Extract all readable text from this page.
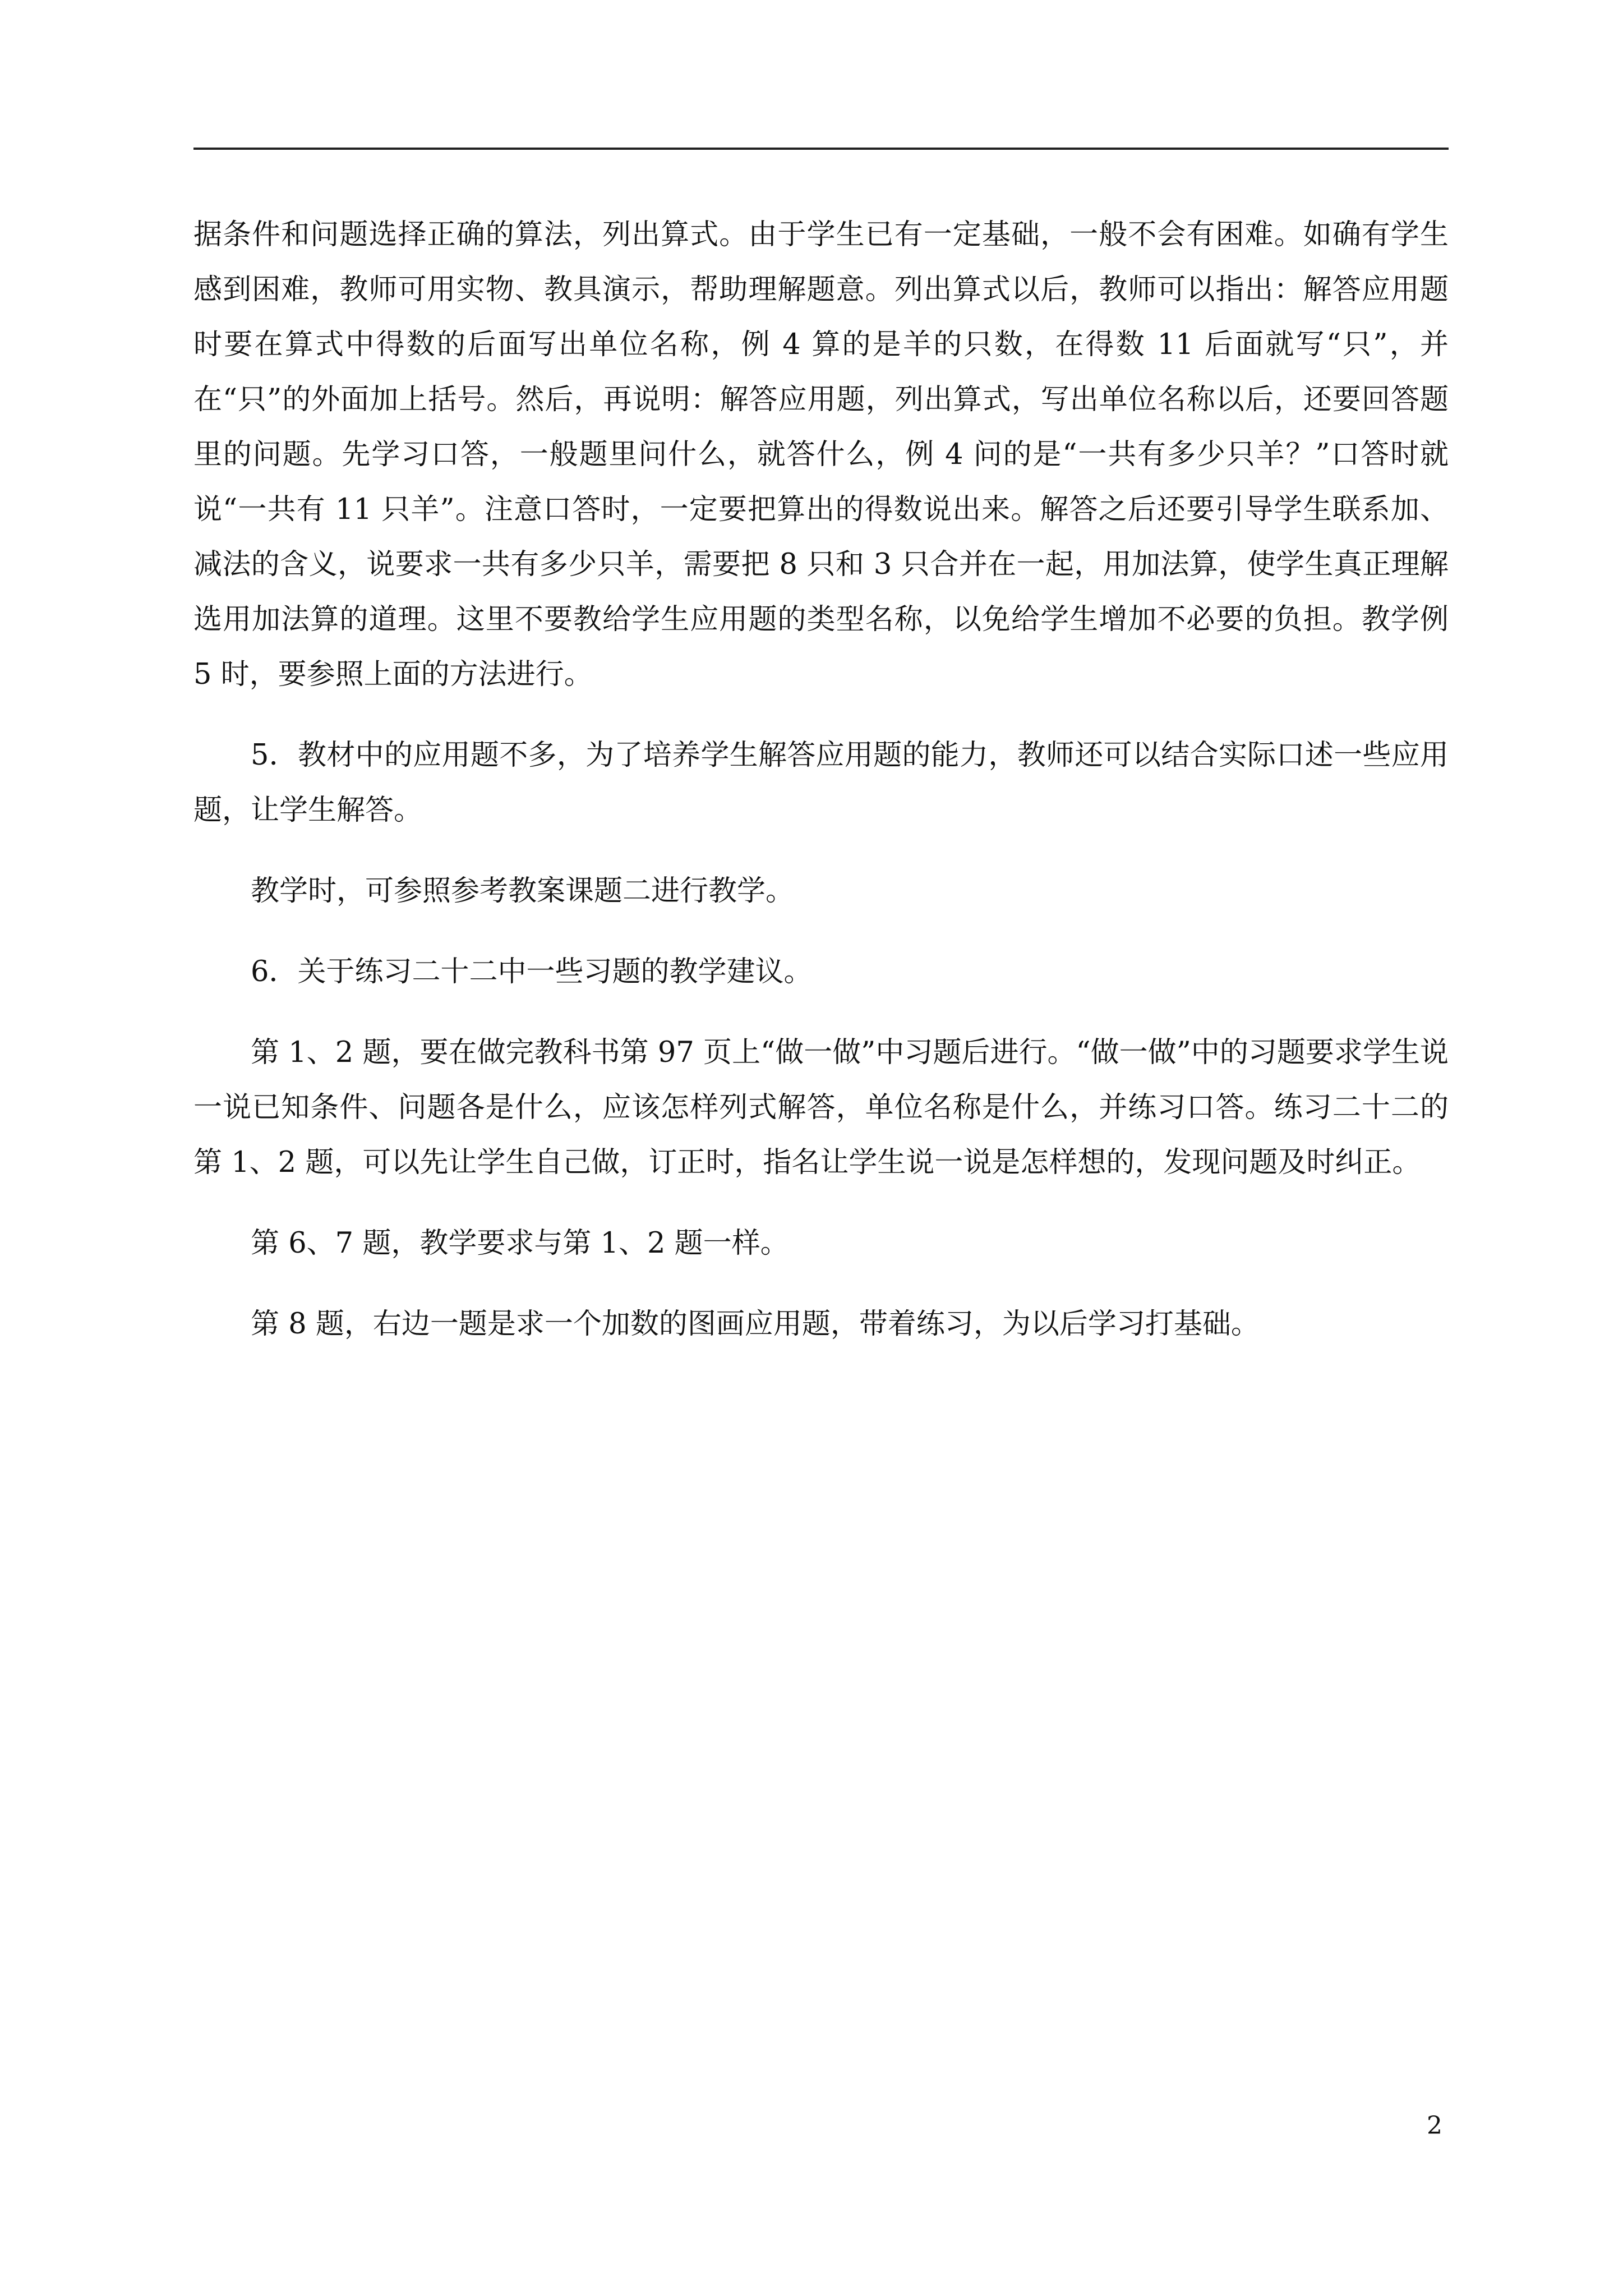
据条件和问题选择正确的算法，列出算式。由于学生已有一定基础，一般不会有困难。如确有学生感到困难，教师可用实物、教具演示，帮助理解题意。列出算式以后，教师可以指出：解答应用题时要在算式中得数的后面写出单位名称，例 4 算的是羊的只数，在得数 11 后面就写“只”，并在“只”的外面加上括号。然后，再说明：解答应用题，列出算式，写出单位名称以后，还要回答题里的问题。先学习口答，一般题里问什么，就答什么，例 4 问的是“一共有多少只羊？”口答时就说“一共有 11 只羊”。注意口答时，一定要把算出的得数说出来。解答之后还要引导学生联系加、减法的含义，说要求一共有多少只羊，需要把 8 只和 3 只合并在一起，用加法算，使学生真正理解选用加法算的道理。这里不要教给学生应用题的类型名称，以免给学生增加不必要的负担。教学例 5 时，要参照上面的方法进行。

5．教材中的应用题不多，为了培养学生解答应用题的能力，教师还可以结合实际口述一些应用题，让学生解答。

教学时，可参照参考教案课题二进行教学。

6．关于练习二十二中一些习题的教学建议。

第 1、2 题，要在做完教科书第 97 页上“做一做”中习题后进行。“做一做”中的习题要求学生说一说已知条件、问题各是什么，应该怎样列式解答，单位名称是什么，并练习口答。练习二十二的第 1、2 题，可以先让学生自己做，订正时，指名让学生说一说是怎样想的，发现问题及时纠正。

第 6、7 题，教学要求与第 1、2 题一样。

第 8 题，右边一题是求一个加数的图画应用题，带着练习，为以后学习打基础。

2
